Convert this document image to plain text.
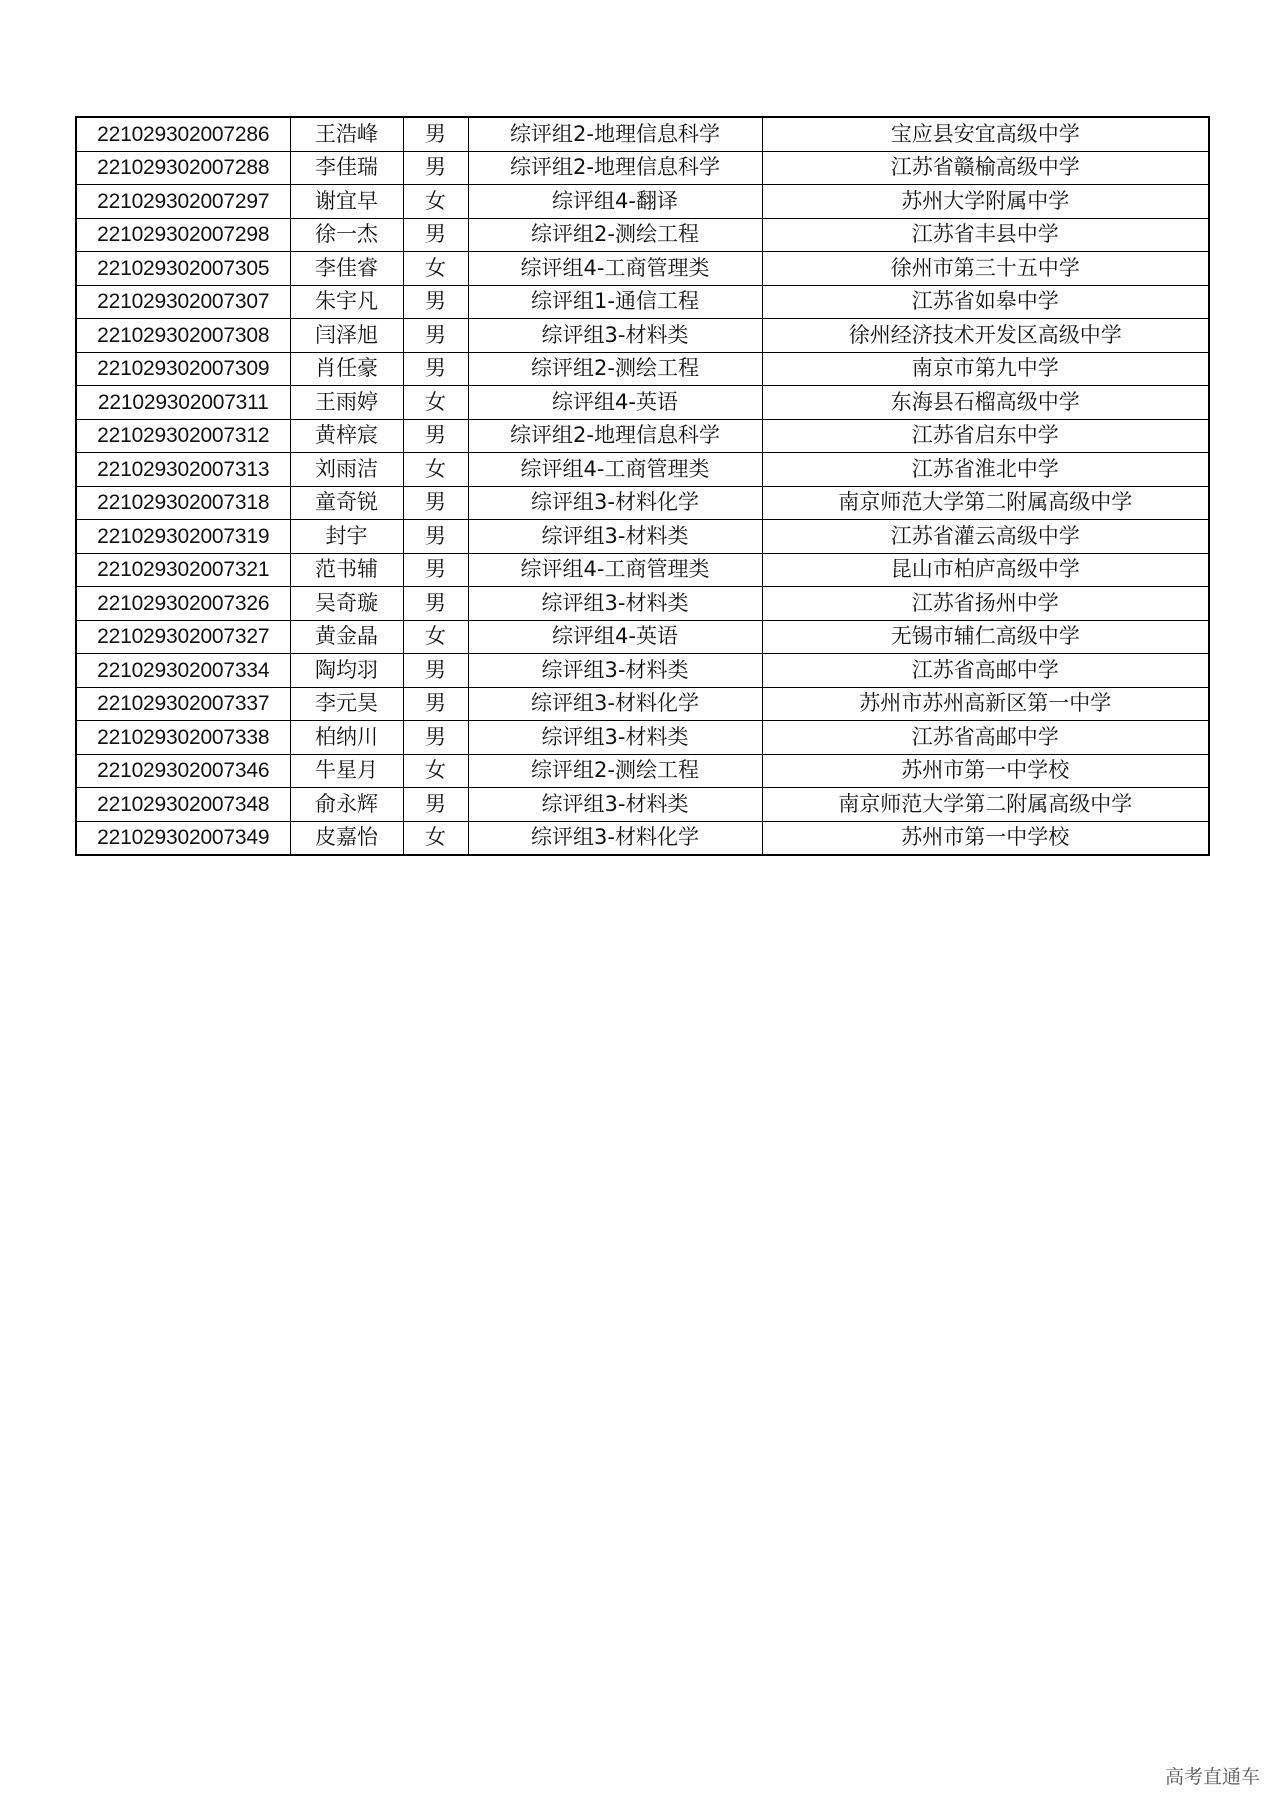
221029302007286	王浩峰	男	综评组2-地理信息科学	宝应县安宜高级中学
221029302007288	李佳瑞	男	综评组2-地理信息科学	江苏省赣榆高级中学
221029302007297	谢宜早	女	综评组4-翻译	苏州大学附属中学
221029302007298	徐一杰	男	综评组2-测绘工程	江苏省丰县中学
221029302007305	李佳睿	女	综评组4-工商管理类	徐州市第三十五中学
221029302007307	朱宇凡	男	综评组1-通信工程	江苏省如皋中学
221029302007308	闫泽旭	男	综评组3-材料类	徐州经济技术开发区高级中学
221029302007309	肖任豪	男	综评组2-测绘工程	南京市第九中学
221029302007311	王雨婷	女	综评组4-英语	东海县石榴高级中学
221029302007312	黄梓宸	男	综评组2-地理信息科学	江苏省启东中学
221029302007313	刘雨洁	女	综评组4-工商管理类	江苏省淮北中学
221029302007318	童奇锐	男	综评组3-材料化学	南京师范大学第二附属高级中学
221029302007319	封宇	男	综评组3-材料类	江苏省灌云高级中学
221029302007321	范书辅	男	综评组4-工商管理类	昆山市柏庐高级中学
221029302007326	吴奇璇	男	综评组3-材料类	江苏省扬州中学
221029302007327	黄金晶	女	综评组4-英语	无锡市辅仁高级中学
221029302007334	陶均羽	男	综评组3-材料类	江苏省高邮中学
221029302007337	李元昊	男	综评组3-材料化学	苏州市苏州高新区第一中学
221029302007338	柏纳川	男	综评组3-材料类	江苏省高邮中学
221029302007346	牛星月	女	综评组2-测绘工程	苏州市第一中学校
221029302007348	俞永辉	男	综评组3-材料类	南京师范大学第二附属高级中学
221029302007349	皮嘉怡	女	综评组3-材料化学	苏州市第一中学校
高考直通车
